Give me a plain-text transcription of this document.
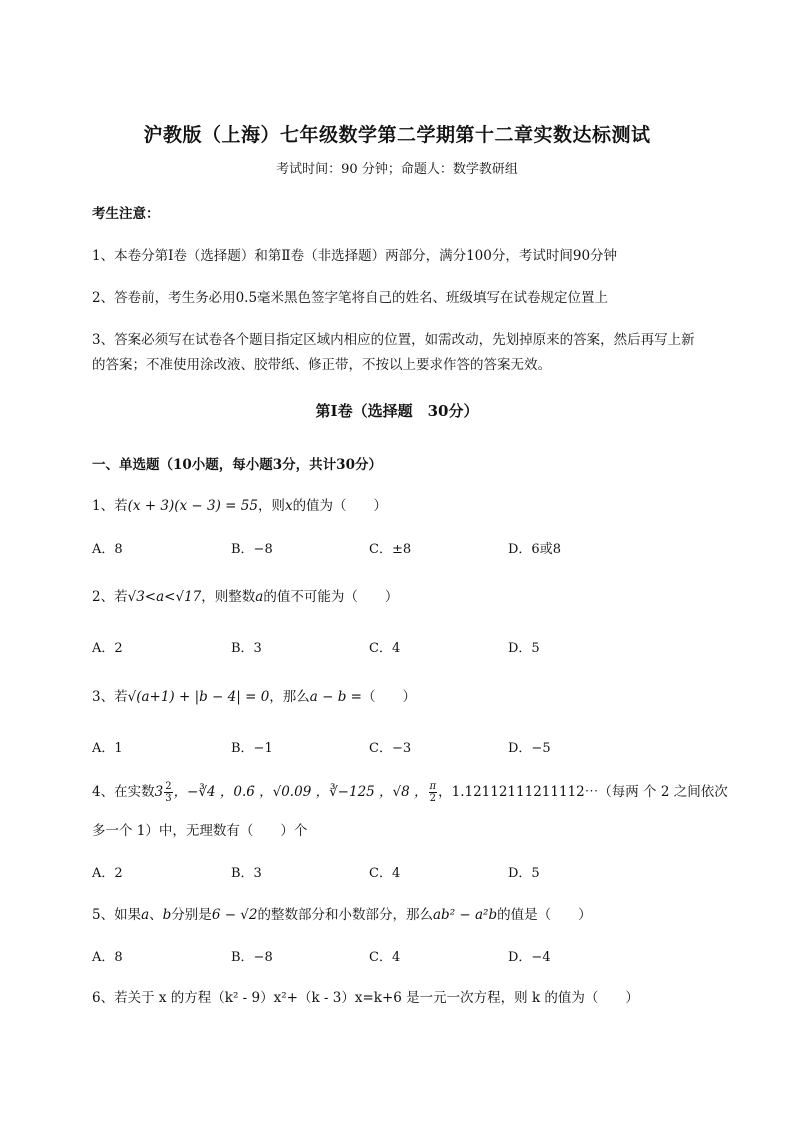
沪教版（上海）七年级数学第二学期第十二章实数达标测试
考试时间：90 分钟；命题人：数学教研组
考生注意：
1、本卷分第Ⅰ卷（选择题）和第Ⅱ卷（非选择题）两部分，满分100分，考试时间90分钟
2、答卷前，考生务必用0.5毫米黑色签字笔将自己的姓名、班级填写在试卷规定位置上
3、答案必须写在试卷各个题目指定区域内相应的位置，如需改动，先划掉原来的答案，然后再写上新
的答案；不准使用涂改液、胶带纸、修正带，不按以上要求作答的答案无效。
第Ⅰ卷（选择题　30分）
一、单选题（10小题，每小题3分，共计30分）
1、若(x + 3)(x − 3) = 55，则x的值为（　　）
A．8	B．−8	C．±8	D．6或8
2、若√3<a<√17，则整数a的值不可能为（　　）
A．2	B．3	C．4	D．5
3、若√(a+1) + |b − 4| = 0，那么a − b =（　　）
A．1	B．−1	C．−3	D．−5
4、在实数$3 \frac{2}{3}$ ，−∛4 ，0.6̇ ，√0.09 ，∛−125 ，√8 ， $\frac{\pi}{2}$ ，1.12112111211112⋯（每两 个 2 之间依次
多一个 1）中，无理数有（　　）个
A．2	B．3	C．4	D．5
5、如果a、b分别是6 − √2的整数部分和小数部分，那么ab² − a²b的值是（　　）
A．8	B．−8	C．4	D．−4
6、若关于 x 的方程（k² - 9）x²+（k - 3）x=k+6 是一元一次方程，则 k 的值为（　　）
